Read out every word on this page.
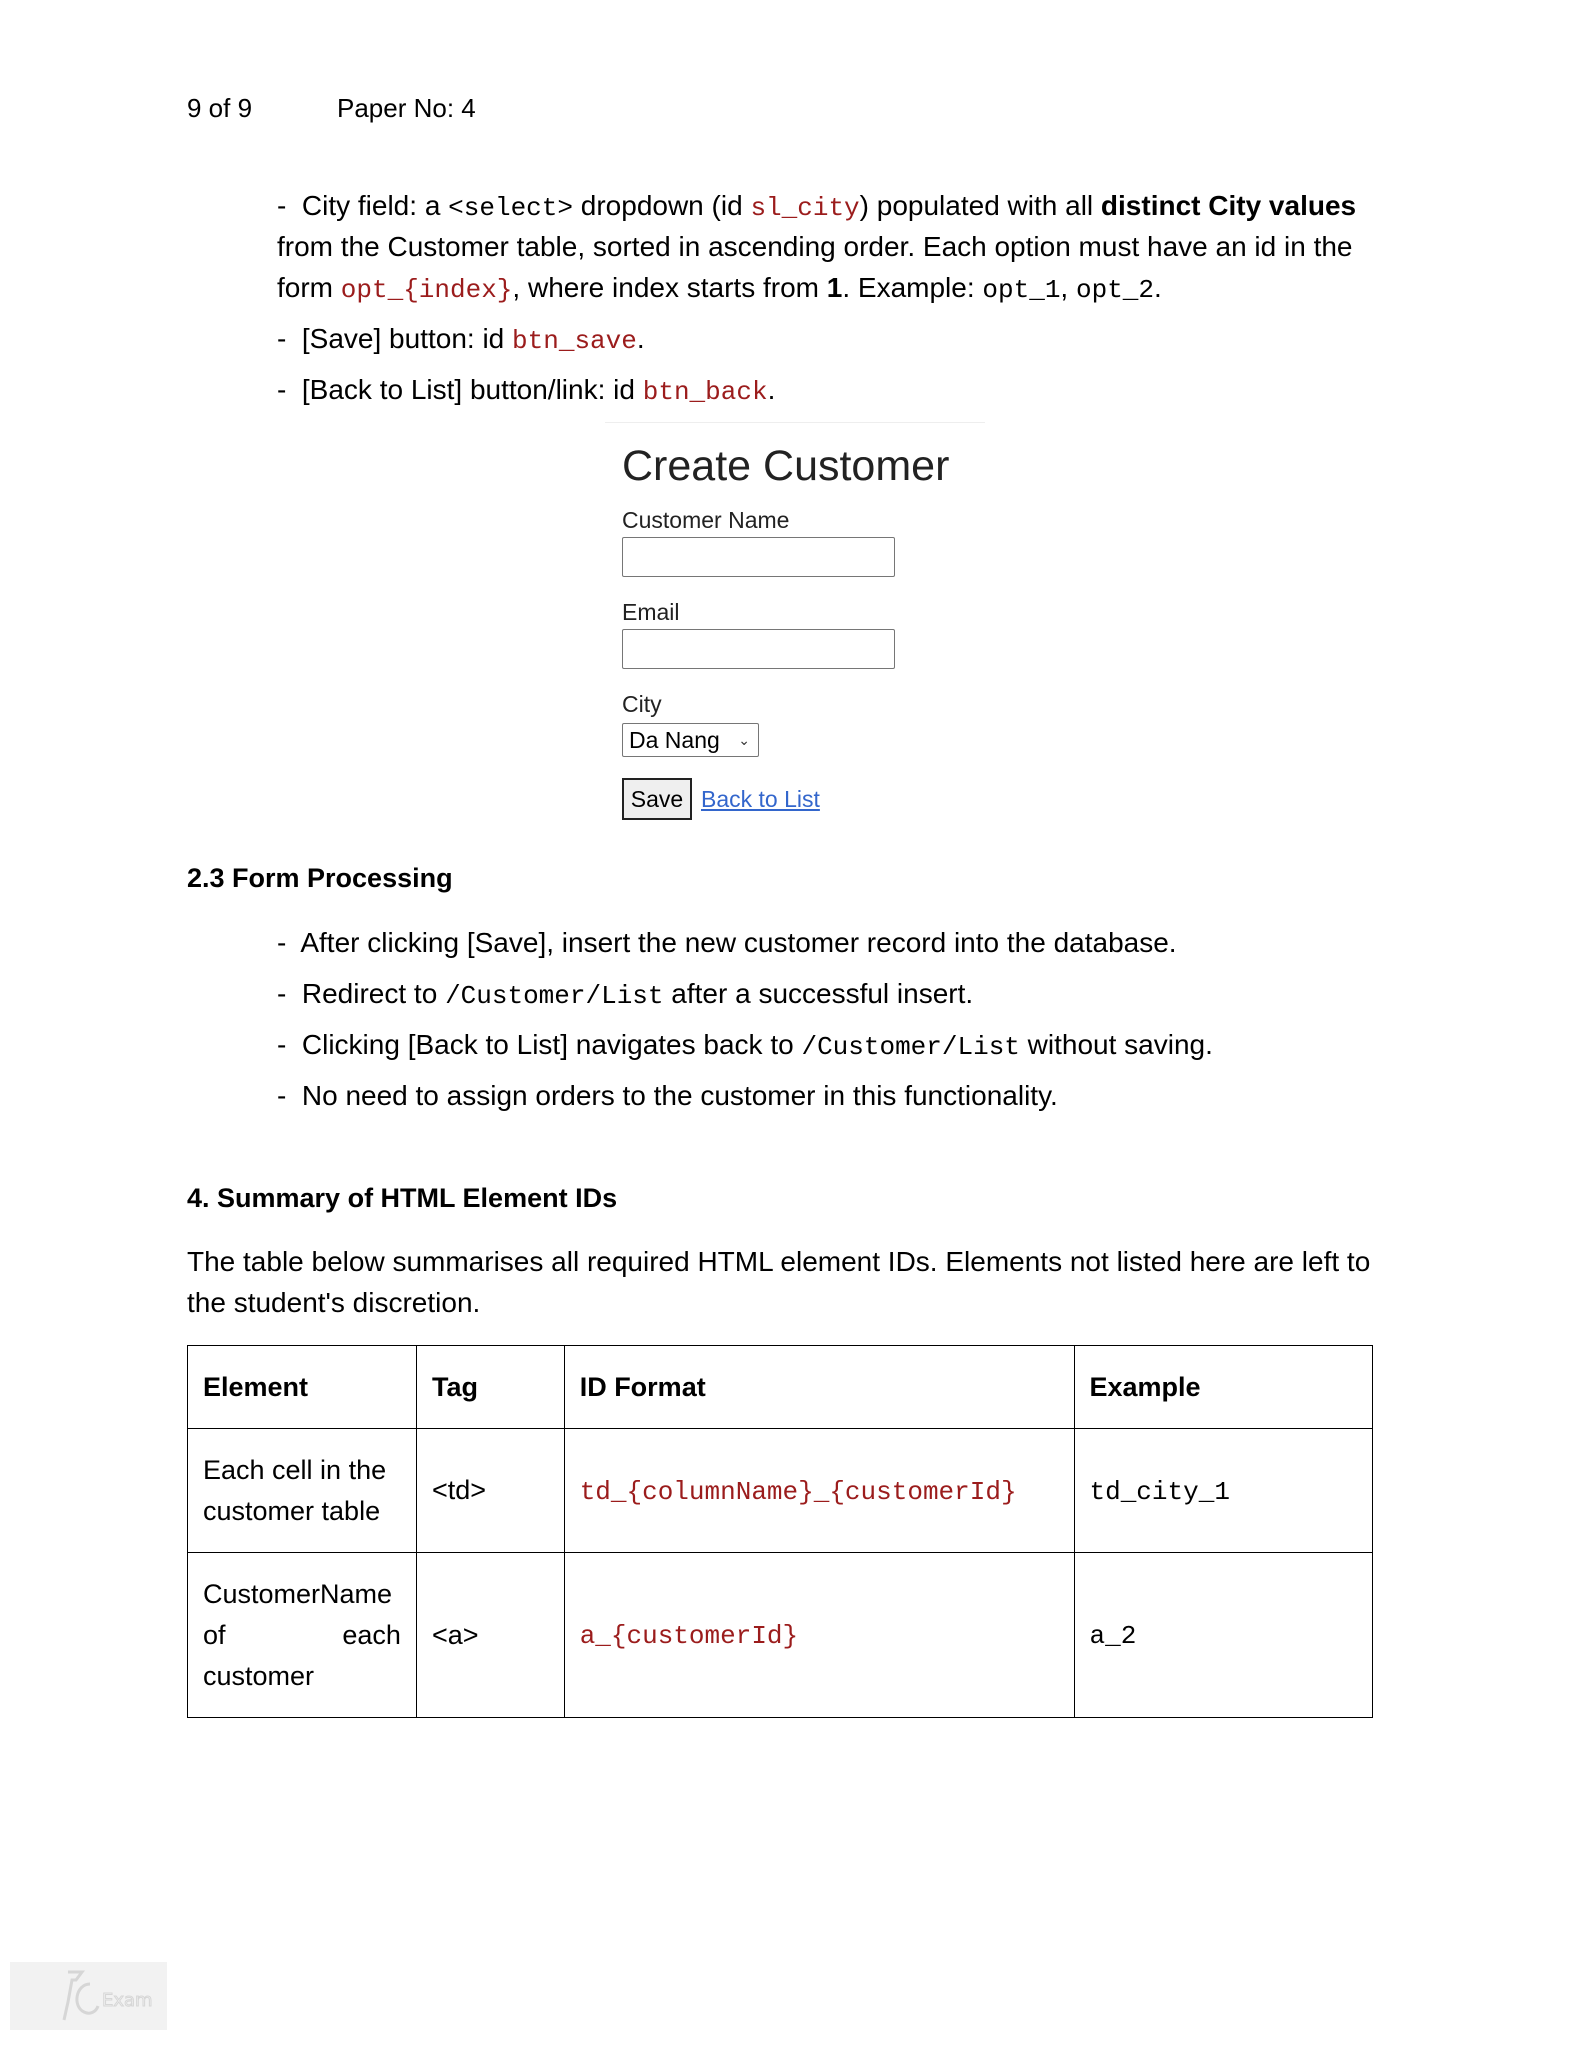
9 of 9	Paper No: 4
- City field: a <select> dropdown (id sl_city) populated with all distinct City values
from the Customer table, sorted in ascending order. Each option must have an id in the
form opt_{index}, where index starts from 1. Example: opt_1, opt_2.
- [Save] button: id btn_save.
- [Back to List] button/link: id btn_back.
Create Customer
Customer Name
Email
City
Da Nang ⌄
Save Back to List
2.3 Form Processing
- After clicking [Save], insert the new customer record into the database.
- Redirect to /Customer/List after a successful insert.
- Clicking [Back to List] navigates back to /Customer/List without saving.
- No need to assign orders to the customer in this functionality.
4. Summary of HTML Element IDs
The table below summarises all required HTML element IDs. Elements not listed here are left to
the student's discretion.
Element	Tag	ID Format	Example

Each cell in the
customer table	<td>	td_{columnName}_{customerId}	td_city_1

CustomerName
of each
customer	<a>	a_{customerId}	a_2
Exam
